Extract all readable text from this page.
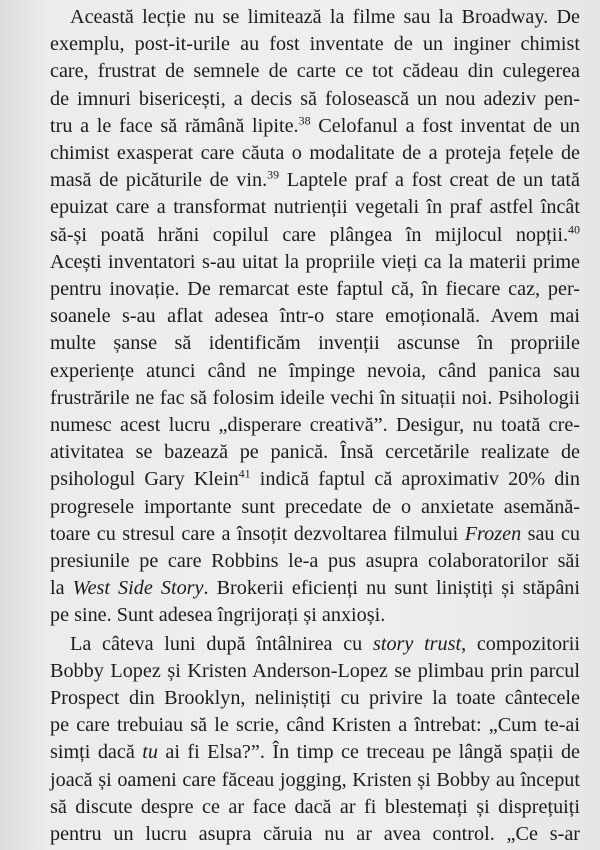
Această lecție nu se limitează la filme sau la Broadway. De
exemplu, post-it-urile au fost inventate de un inginer chimist
care, frustrat de semnele de carte ce tot cădeau din culegerea
de imnuri bisericești, a decis să folosească un nou adeziv pen-
tru a le face să rămână lipite.$^{38}$ Celofanul a fost inventat de un
chimist exasperat care căuta o modalitate de a proteja fețele de
masă de picăturile de vin.$^{39}$ Laptele praf a fost creat de un tată
epuizat care a transformat nutrienții vegetali în praf astfel încât
să-și poată hrăni copilul care plângea în mijlocul nopții.$^{40}$
Acești inventatori s-au uitat la propriile vieți ca la materii prime
pentru inovație. De remarcat este faptul că, în fiecare caz, per-
soanele s-au aflat adesea într-o stare emoțională. Avem mai
multe șanse să identificăm invenții ascunse în propriile
experiențe atunci când ne împinge nevoia, când panica sau
frustrările ne fac să folosim ideile vechi în situații noi. Psihologii
numesc acest lucru „disperare creativă”. Desigur, nu toată cre-
ativitatea se bazează pe panică. Însă cercetările realizate de
psihologul Gary Klein$^{41}$ indică faptul că aproximativ 20% din
progresele importante sunt precedate de o anxietate asemănă-
toare cu stresul care a însoțit dezvoltarea filmului Frozen sau cu
presiunile pe care Robbins le-a pus asupra colaboratorilor săi
la West Side Story. Brokerii eficienți nu sunt liniștiți și stăpâni
pe sine. Sunt adesea îngrijorați și anxioși.

La câteva luni după întâlnirea cu story trust, compozitorii
Bobby Lopez și Kristen Anderson-Lopez se plimbau prin parcul
Prospect din Brooklyn, neliniștiți cu privire la toate cântecele
pe care trebuiau să le scrie, când Kristen a întrebat: „Cum te-ai
simți dacă tu ai fi Elsa?”. În timp ce treceau pe lângă spații de
joacă și oameni care făceau jogging, Kristen și Bobby au început
să discute despre ce ar face dacă ar fi blestemați și disprețuiți
pentru un lucru asupra căruia nu ar avea control. „Ce s-ar
